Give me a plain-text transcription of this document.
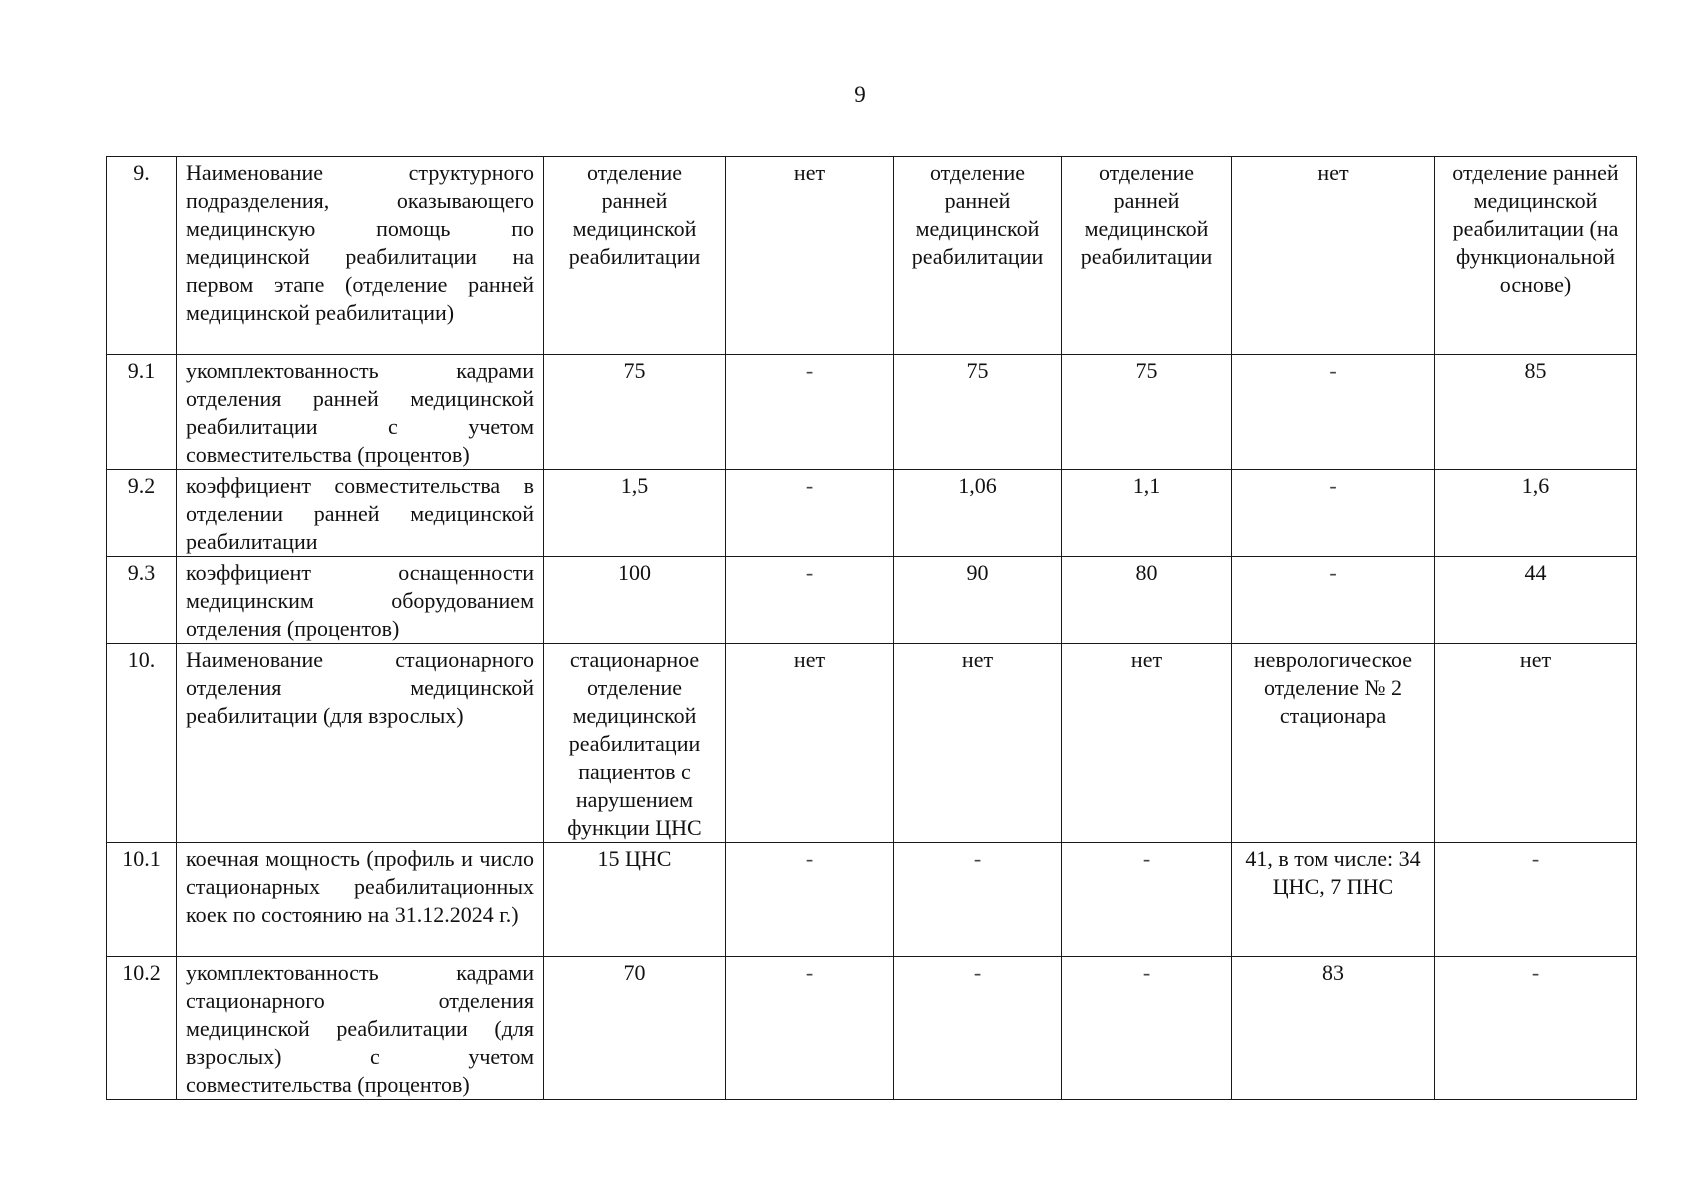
9
9.	Наименование структурного подразделения, оказывающего медицинскую помощь по медицинской реабилитации на первом этапе (отделение ранней медицинской реабилитации)	отделение ранней медицинской реабилитации	нет	отделение ранней медицинской реабилитации	отделение ранней медицинской реабилитации	нет	отделение ранней медицинской реабилитации (на функциональной основе)
9.1	укомплектованность кадрами отделения ранней медицинской реабилитации с учетом совместительства (процентов)	75	-	75	75	-	85
9.2	коэффициент совместительства в отделении ранней медицинской реабилитации	1,5	-	1,06	1,1	-	1,6
9.3	коэффициент оснащенности медицинским оборудованием отделения (процентов)	100	-	90	80	-	44
10.	Наименование стационарного отделения медицинской реабилитации (для взрослых)	стационарное отделение медицинской реабилитации пациентов с нарушением функции ЦНС	нет	нет	нет	неврологическое отделение № 2 стационара	нет
10.1	коечная мощность (профиль и число стационарных реабилитационных коек по состоянию на 31.12.2024 г.)	15 ЦНС	-	-	-	41, в том числе: 34 ЦНС, 7 ПНС	-
10.2	укомплектованность кадрами стационарного отделения медицинской реабилитации (для взрослых) с учетом совместительства (процентов)	70	-	-	-	83	-
